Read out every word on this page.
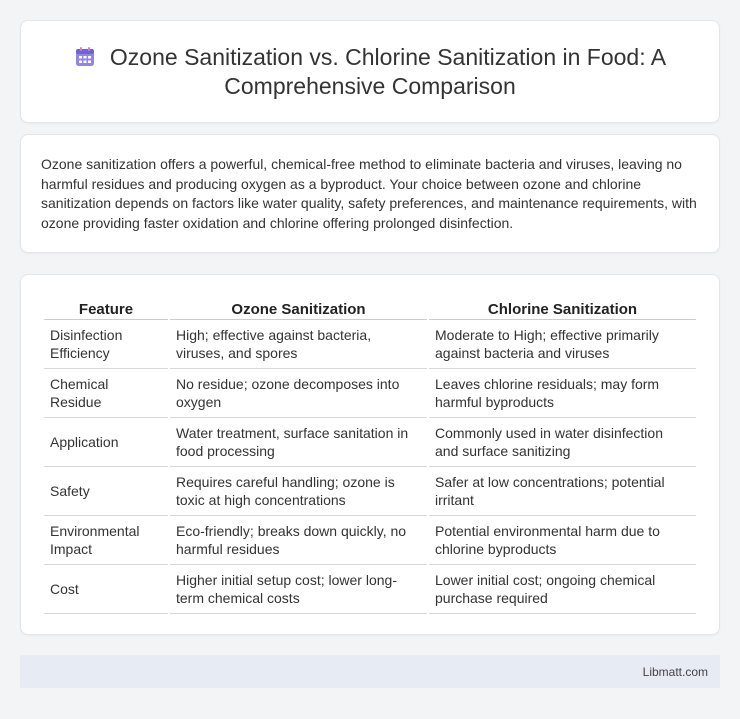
Ozone Sanitization vs. Chlorine Sanitization in Food: A Comprehensive Comparison

Ozone sanitization offers a powerful, chemical-free method to eliminate bacteria and viruses, leaving no harmful residues and producing oxygen as a byproduct. Your choice between ozone and chlorine sanitization depends on factors like water quality, safety preferences, and maintenance requirements, with ozone providing faster oxidation and chlorine offering prolonged disinfection.

Feature	Ozone Sanitization	Chlorine Sanitization
Disinfection Efficiency	High; effective against bacteria, viruses, and spores	Moderate to High; effective primarily against bacteria and viruses
Chemical Residue	No residue; ozone decomposes into oxygen	Leaves chlorine residuals; may form harmful byproducts
Application	Water treatment, surface sanitation in food processing	Commonly used in water disinfection and surface sanitizing
Safety	Requires careful handling; ozone is toxic at high concentrations	Safer at low concentrations; potential irritant
Environmental Impact	Eco-friendly; breaks down quickly, no harmful residues	Potential environmental harm due to chlorine byproducts
Cost	Higher initial setup cost; lower long-term chemical costs	Lower initial cost; ongoing chemical purchase required
Libmatt.com
